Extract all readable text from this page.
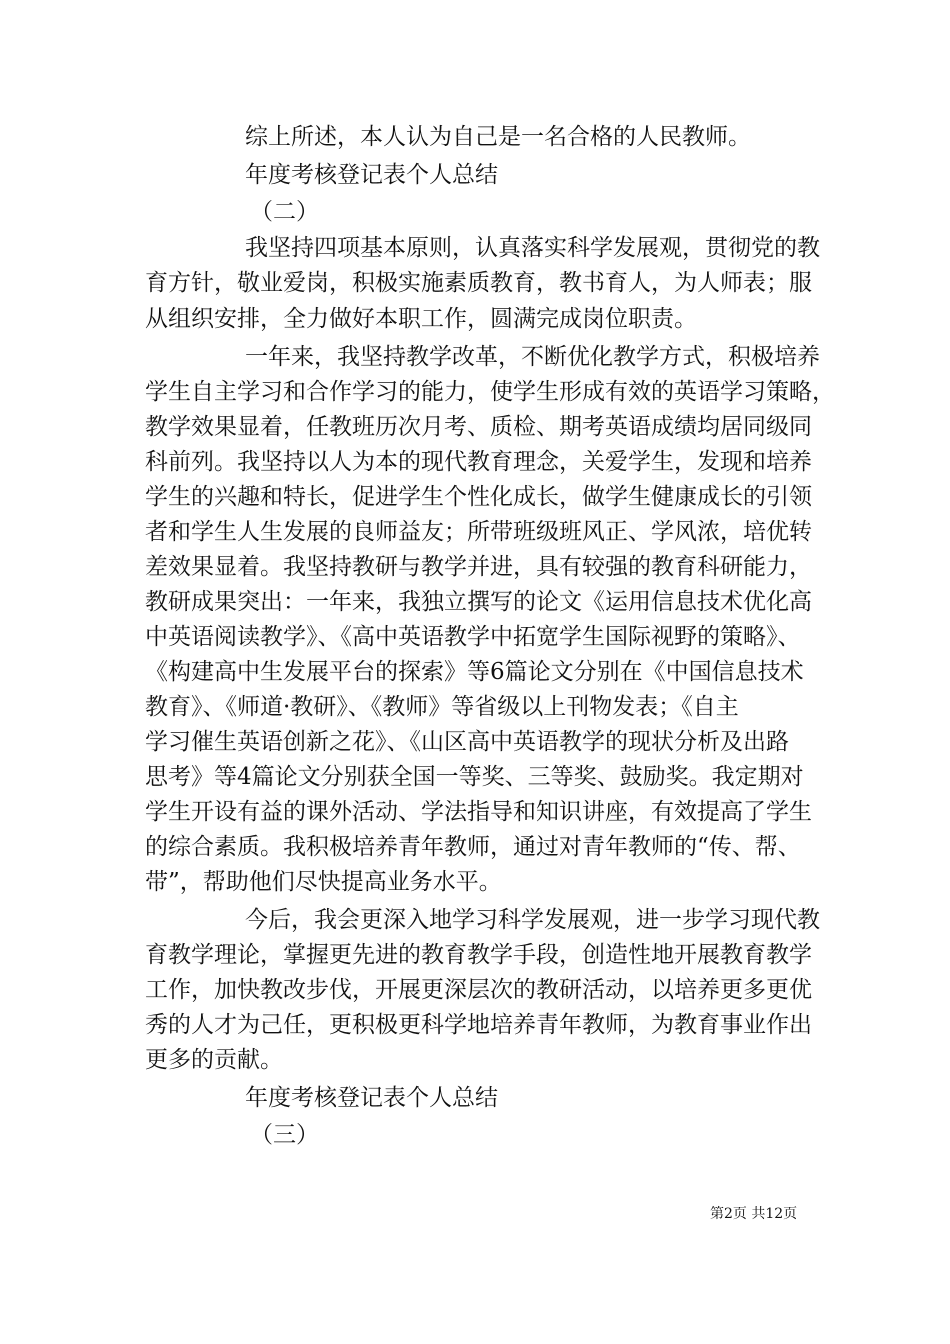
综上所述，本人认为自己是一名合格的人民教师。
年度考核登记表个人总结
（二）
我坚持四项基本原则，认真落实科学发展观，贯彻党的教
育方针，敬业爱岗，积极实施素质教育，教书育人，为人师表；服
从组织安排，全力做好本职工作，圆满完成岗位职责。
一年来，我坚持教学改革，不断优化教学方式，积极培养
学生自主学习和合作学习的能力，使学生形成有效的英语学习策略，
教学效果显着，任教班历次月考、质检、期考英语成绩均居同级同
科前列。我坚持以人为本的现代教育理念，关爱学生，发现和培养
学生的兴趣和特长，促进学生个性化成长，做学生健康成长的引领
者和学生人生发展的良师益友；所带班级班风正、学风浓，培优转
差效果显着。我坚持教研与教学并进，具有较强的教育科研能力，
教研成果突出：一年来，我独立撰写的论文《运用信息技术优化高
中英语阅读教学》、《高中英语教学中拓宽学生国际视野的策略》、
《构建高中生发展平台的探索》等6篇论文分别在《中国信息技术
教育》、《师道·教研》、《教师》等省级以上刊物发表；《自主
学习催生英语创新之花》、《山区高中英语教学的现状分析及出路
思考》等4篇论文分别获全国一等奖、三等奖、鼓励奖。我定期对
学生开设有益的课外活动、学法指导和知识讲座，有效提高了学生
的综合素质。我积极培养青年教师，通过对青年教师的“传、帮、
带”，帮助他们尽快提高业务水平。
今后，我会更深入地学习科学发展观，进一步学习现代教
育教学理论，掌握更先进的教育教学手段，创造性地开展教育教学
工作，加快教改步伐，开展更深层次的教研活动，以培养更多更优
秀的人才为己任，更积极更科学地培养青年教师，为教育事业作出
更多的贡献。
年度考核登记表个人总结
（三）
第2页 共12页
